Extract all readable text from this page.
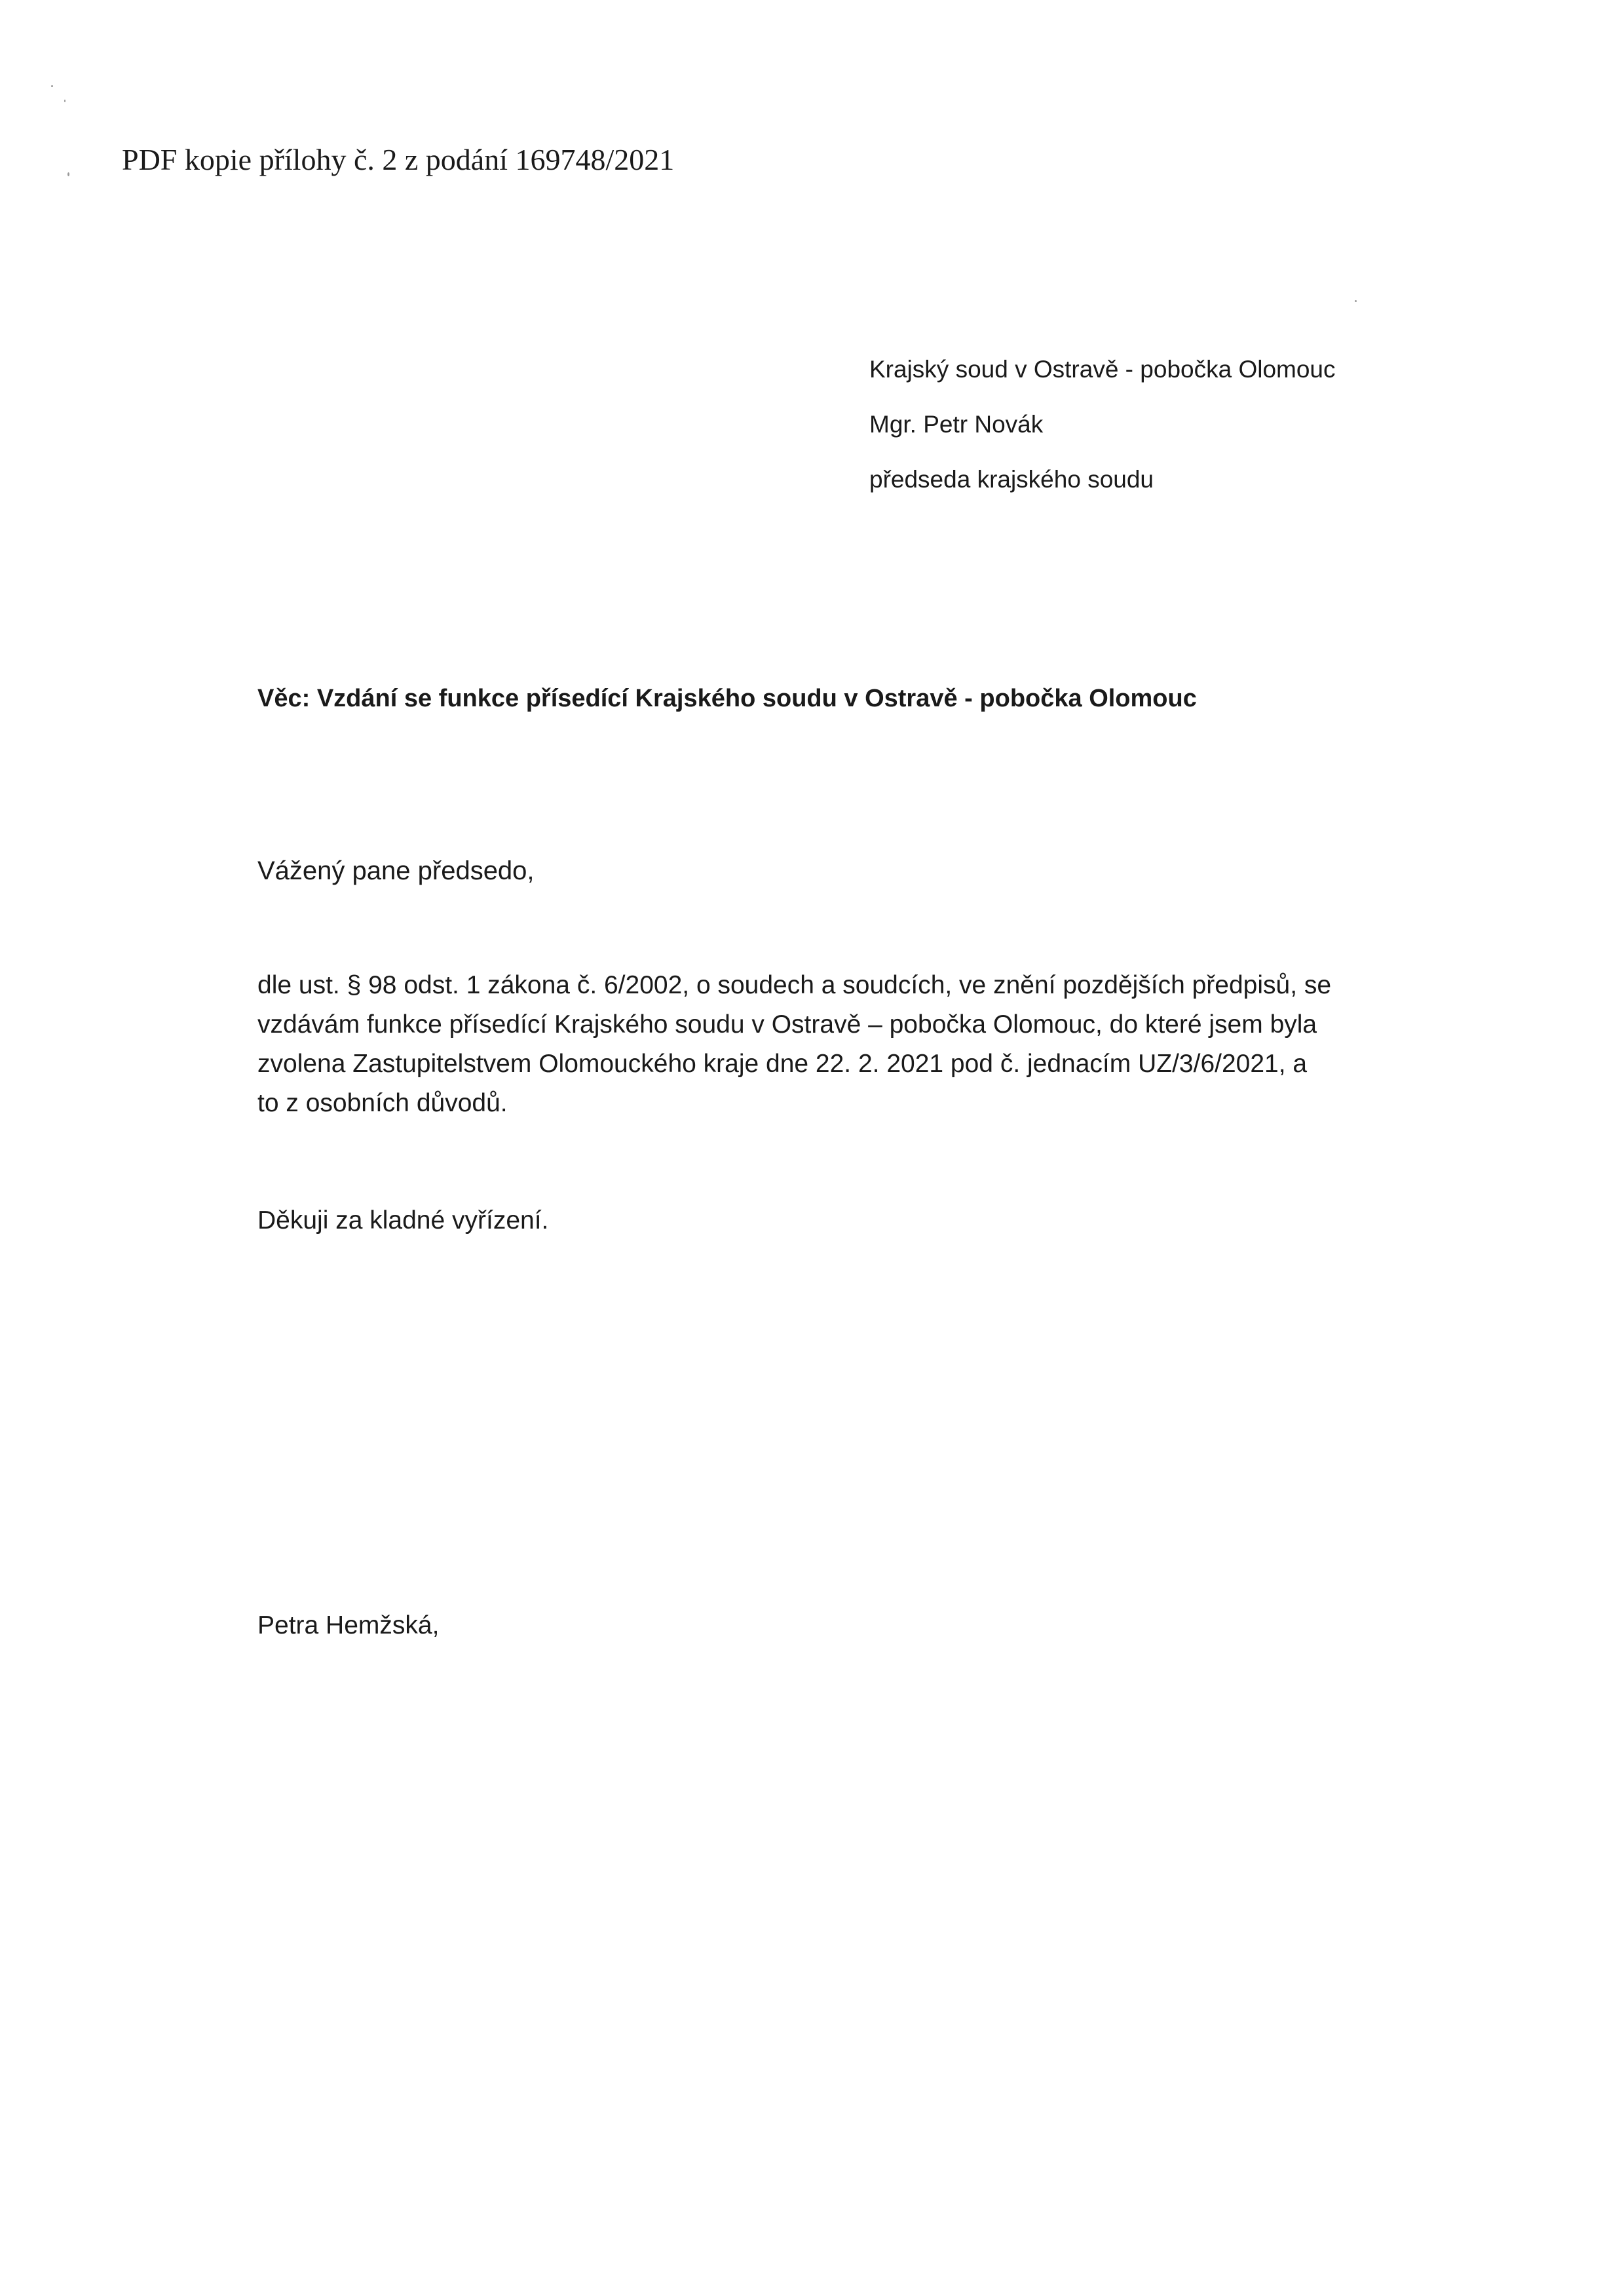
PDF kopie přílohy č. 2 z podání 169748/2021
Krajský soud v Ostravě - pobočka Olomouc
Mgr. Petr Novák
předseda krajského soudu
Věc: Vzdání se funkce přísedící Krajského soudu v Ostravě - pobočka Olomouc
Vážený pane předsedo,
dle ust. § 98 odst. 1 zákona č. 6/2002, o soudech a soudcích, ve znění pozdějších předpisů, se
vzdávám funkce přísedící Krajského soudu v Ostravě – pobočka Olomouc, do které jsem byla
zvolena Zastupitelstvem Olomouckého kraje dne 22. 2. 2021 pod č. jednacím UZ/3/6/2021, a
to z osobních důvodů.
Děkuji za kladné vyřízení.
Petra Hemžská,
